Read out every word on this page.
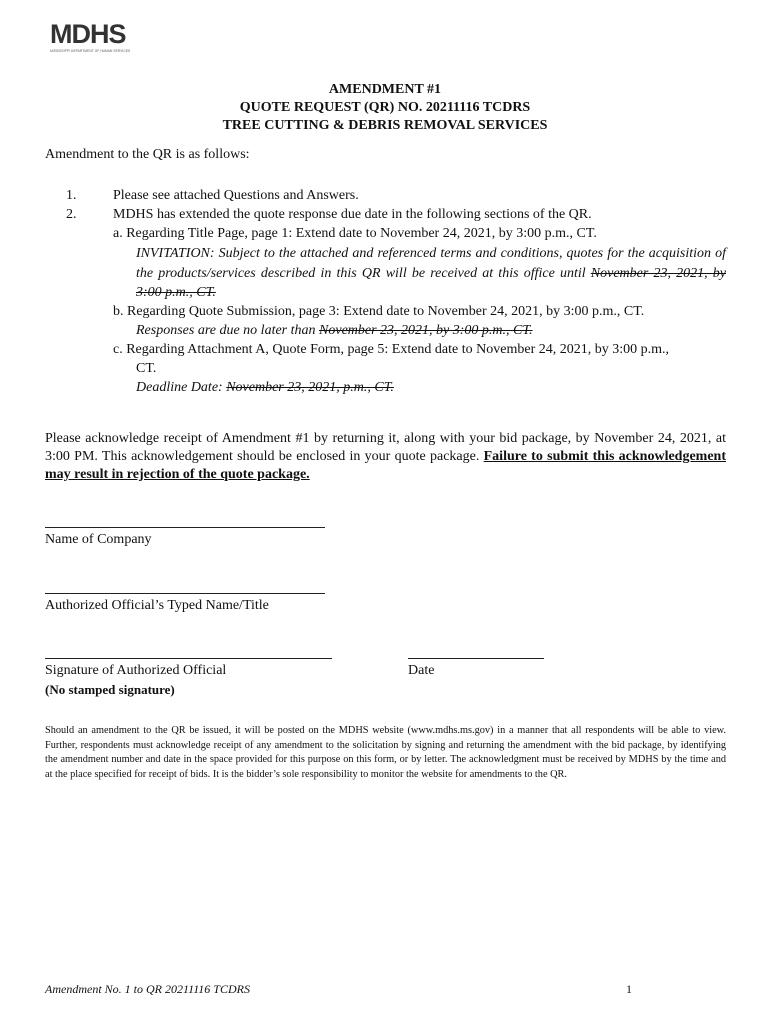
MDHS
MISSISSIPPI DEPARTMENT OF HUMAN SERVICES
AMENDMENT #1
QUOTE REQUEST (QR) NO. 20211116 TCDRS
TREE CUTTING & DEBRIS REMOVAL SERVICES
Amendment to the QR is as follows:
1.	Please see attached Questions and Answers.
2.	MDHS has extended the quote response due date in the following sections of the QR.
a. Regarding Title Page, page 1: Extend date to November 24, 2021, by 3:00 p.m., CT.
INVITATION: Subject to the attached and referenced terms and conditions, quotes for the acquisition of the products/services described in this QR will be received at this office until November 23, 2021, by 3:00 p.m., CT.
b. Regarding Quote Submission, page 3: Extend date to November 24, 2021, by 3:00 p.m., CT.
Responses are due no later than November 23, 2021, by 3:00 p.m., CT.
c. Regarding Attachment A, Quote Form, page 5: Extend date to November 24, 2021, by 3:00 p.m.,
CT.
Deadline Date: November 23, 2021, p.m., CT.
Please acknowledge receipt of Amendment #1 by returning it, along with your bid package, by November 24, 2021, at 3:00 PM. This acknowledgement should be enclosed in your quote package. Failure to submit this acknowledgement may result in rejection of the quote package.
Name of Company
Authorized Official’s Typed Name/Title
Signature of Authorized Official
(No stamped signature)
Date
Should an amendment to the QR be issued, it will be posted on the MDHS website (www.mdhs.ms.gov) in a manner that all respondents will be able to view. Further, respondents must acknowledge receipt of any amendment to the solicitation by signing and returning the amendment with the bid package, by identifying the amendment number and date in the space provided for this purpose on this form, or by letter. The acknowledgment must be received by MDHS by the time and at the place specified for receipt of bids. It is the bidder’s sole responsibility to monitor the website for amendments to the QR.
Amendment No. 1 to QR 20211116 TCDRS	1
